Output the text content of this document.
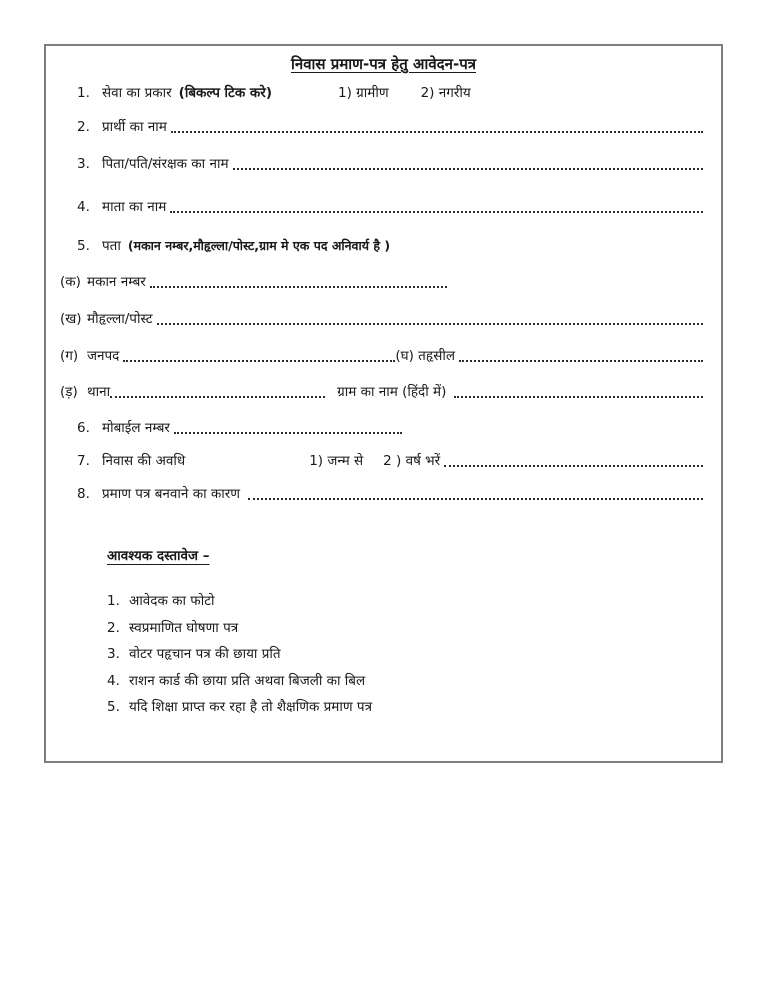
निवास प्रमाण-पत्र हेतु आवेदन-पत्र
1. सेवा का प्रकार (बिकल्प टिक करे)	1) ग्रामीण 2) नगरीय
2. प्रार्थी का नाम
3. पिता/पति/संरक्षक का नाम
4. माता का नाम
5. पता (मकान नम्बर,मौहृल्ला/पोस्ट,ग्राम मे एक पद अनिवार्य है )
(क) मकान नम्बर
(ख) मौहृल्ला/पोस्ट
(ग) जनपद	(घ) तहृसील
(ड़) थाना	ग्राम का नाम (हिंदी में)
6. मोबाईल नम्बर
7. निवास की अवधि	1) जन्म से 2 ) वर्ष भरें
8. प्रमाण पत्र बनवाने का कारण
आवश्यक दस्तावेज –
1. आवेदक का फोटो
2. स्वप्रमाणित घोषणा पत्र
3. वोटर पहृचान पत्र की छाया प्रति
4. राशन कार्ड की छाया प्रति अथवा बिजली का बिल
5. यदि शिक्षा प्राप्त कर रहा है तो शैक्षणिक प्रमाण पत्र
